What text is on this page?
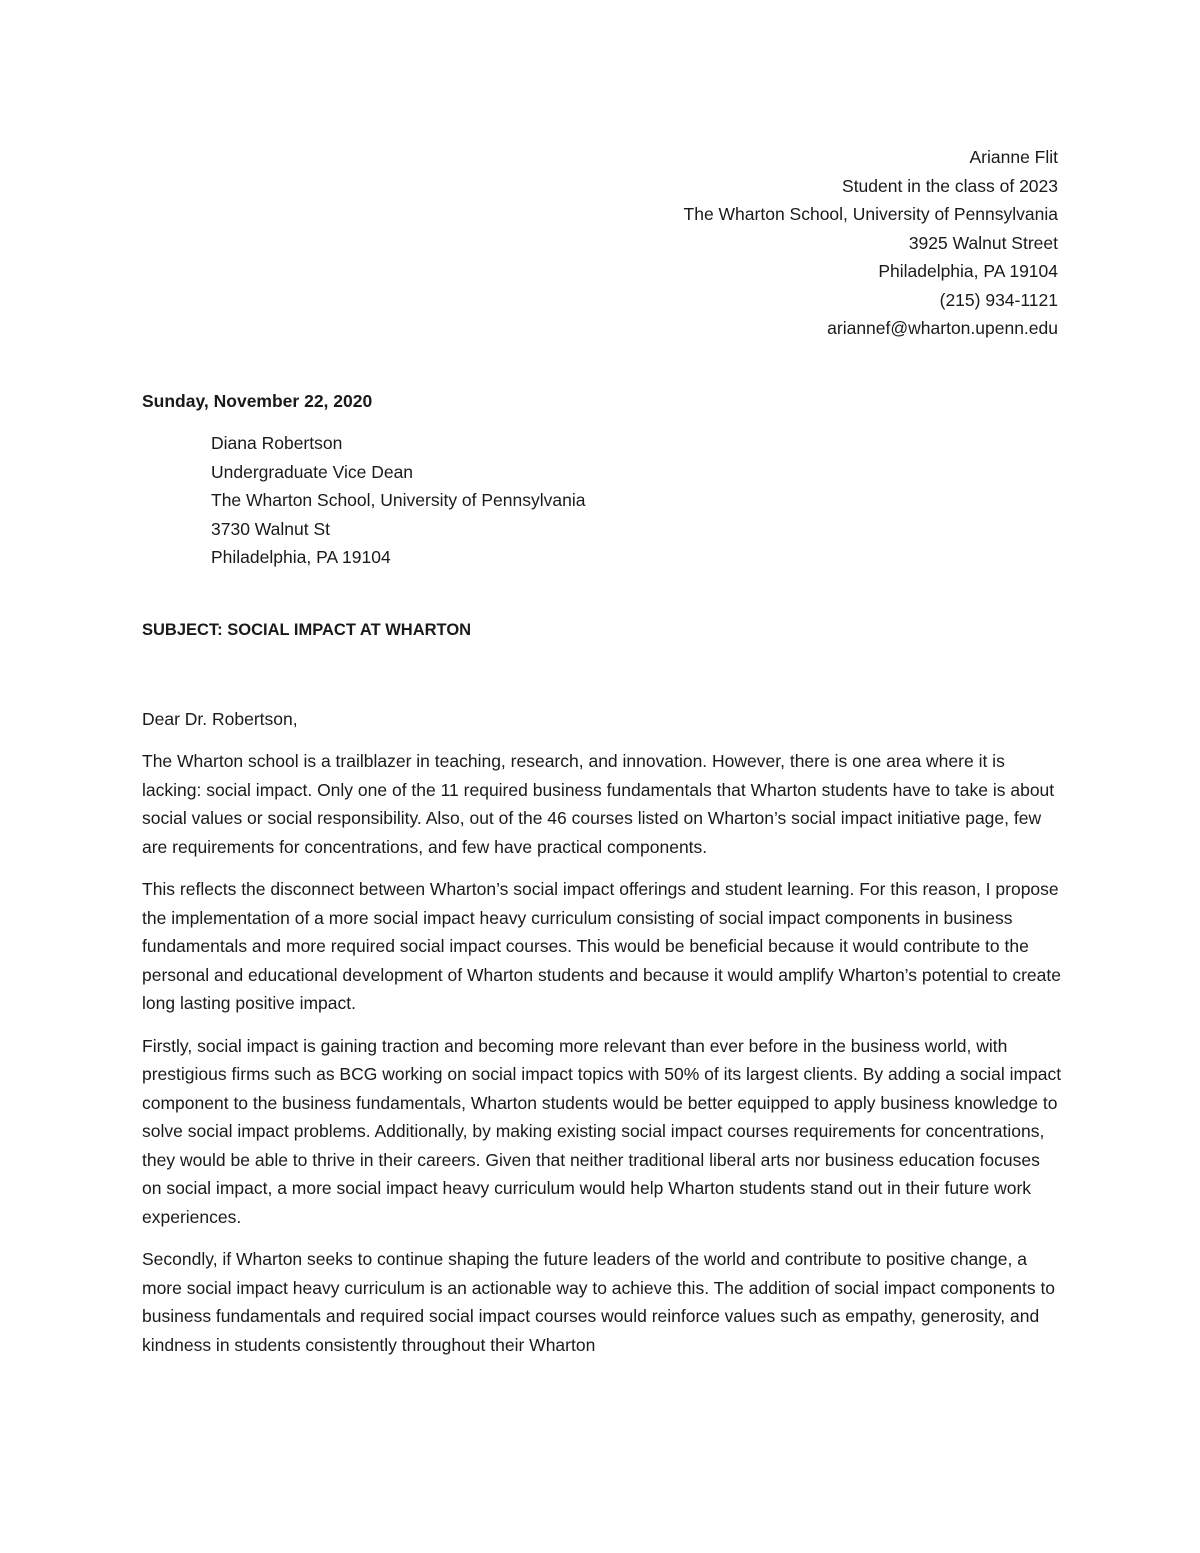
Arianne Flit
Student in the class of 2023
The Wharton School, University of Pennsylvania
3925 Walnut Street
Philadelphia, PA 19104
(215) 934-1121
ariannef@wharton.upenn.edu
Sunday, November 22, 2020
Diana Robertson
Undergraduate Vice Dean
The Wharton School, University of Pennsylvania
3730 Walnut St
Philadelphia, PA 19104
SUBJECT: SOCIAL IMPACT AT WHARTON
Dear Dr. Robertson,

The Wharton school is a trailblazer in teaching, research, and innovation. However, there is one area where it is lacking: social impact. Only one of the 11 required business fundamentals that Wharton students have to take is about social values or social responsibility. Also, out of the 46 courses listed on Wharton’s social impact initiative page, few are requirements for concentrations, and few have practical components.

This reflects the disconnect between Wharton’s social impact offerings and student learning. For this reason, I propose the implementation of a more social impact heavy curriculum consisting of social impact components in business fundamentals and more required social impact courses. This would be beneficial because it would contribute to the personal and educational development of Wharton students and because it would amplify Wharton’s potential to create long lasting positive impact.

Firstly, social impact is gaining traction and becoming more relevant than ever before in the business world, with prestigious firms such as BCG working on social impact topics with 50% of its largest clients. By adding a social impact component to the business fundamentals, Wharton students would be better equipped to apply business knowledge to solve social impact problems. Additionally, by making existing social impact courses requirements for concentrations, they would be able to thrive in their careers. Given that neither traditional liberal arts nor business education focuses on social impact, a more social impact heavy curriculum would help Wharton students stand out in their future work experiences.

Secondly, if Wharton seeks to continue shaping the future leaders of the world and contribute to positive change, a more social impact heavy curriculum is an actionable way to achieve this. The addition of social impact components to business fundamentals and required social impact courses would reinforce values such as empathy, generosity, and kindness in students consistently throughout their Wharton
